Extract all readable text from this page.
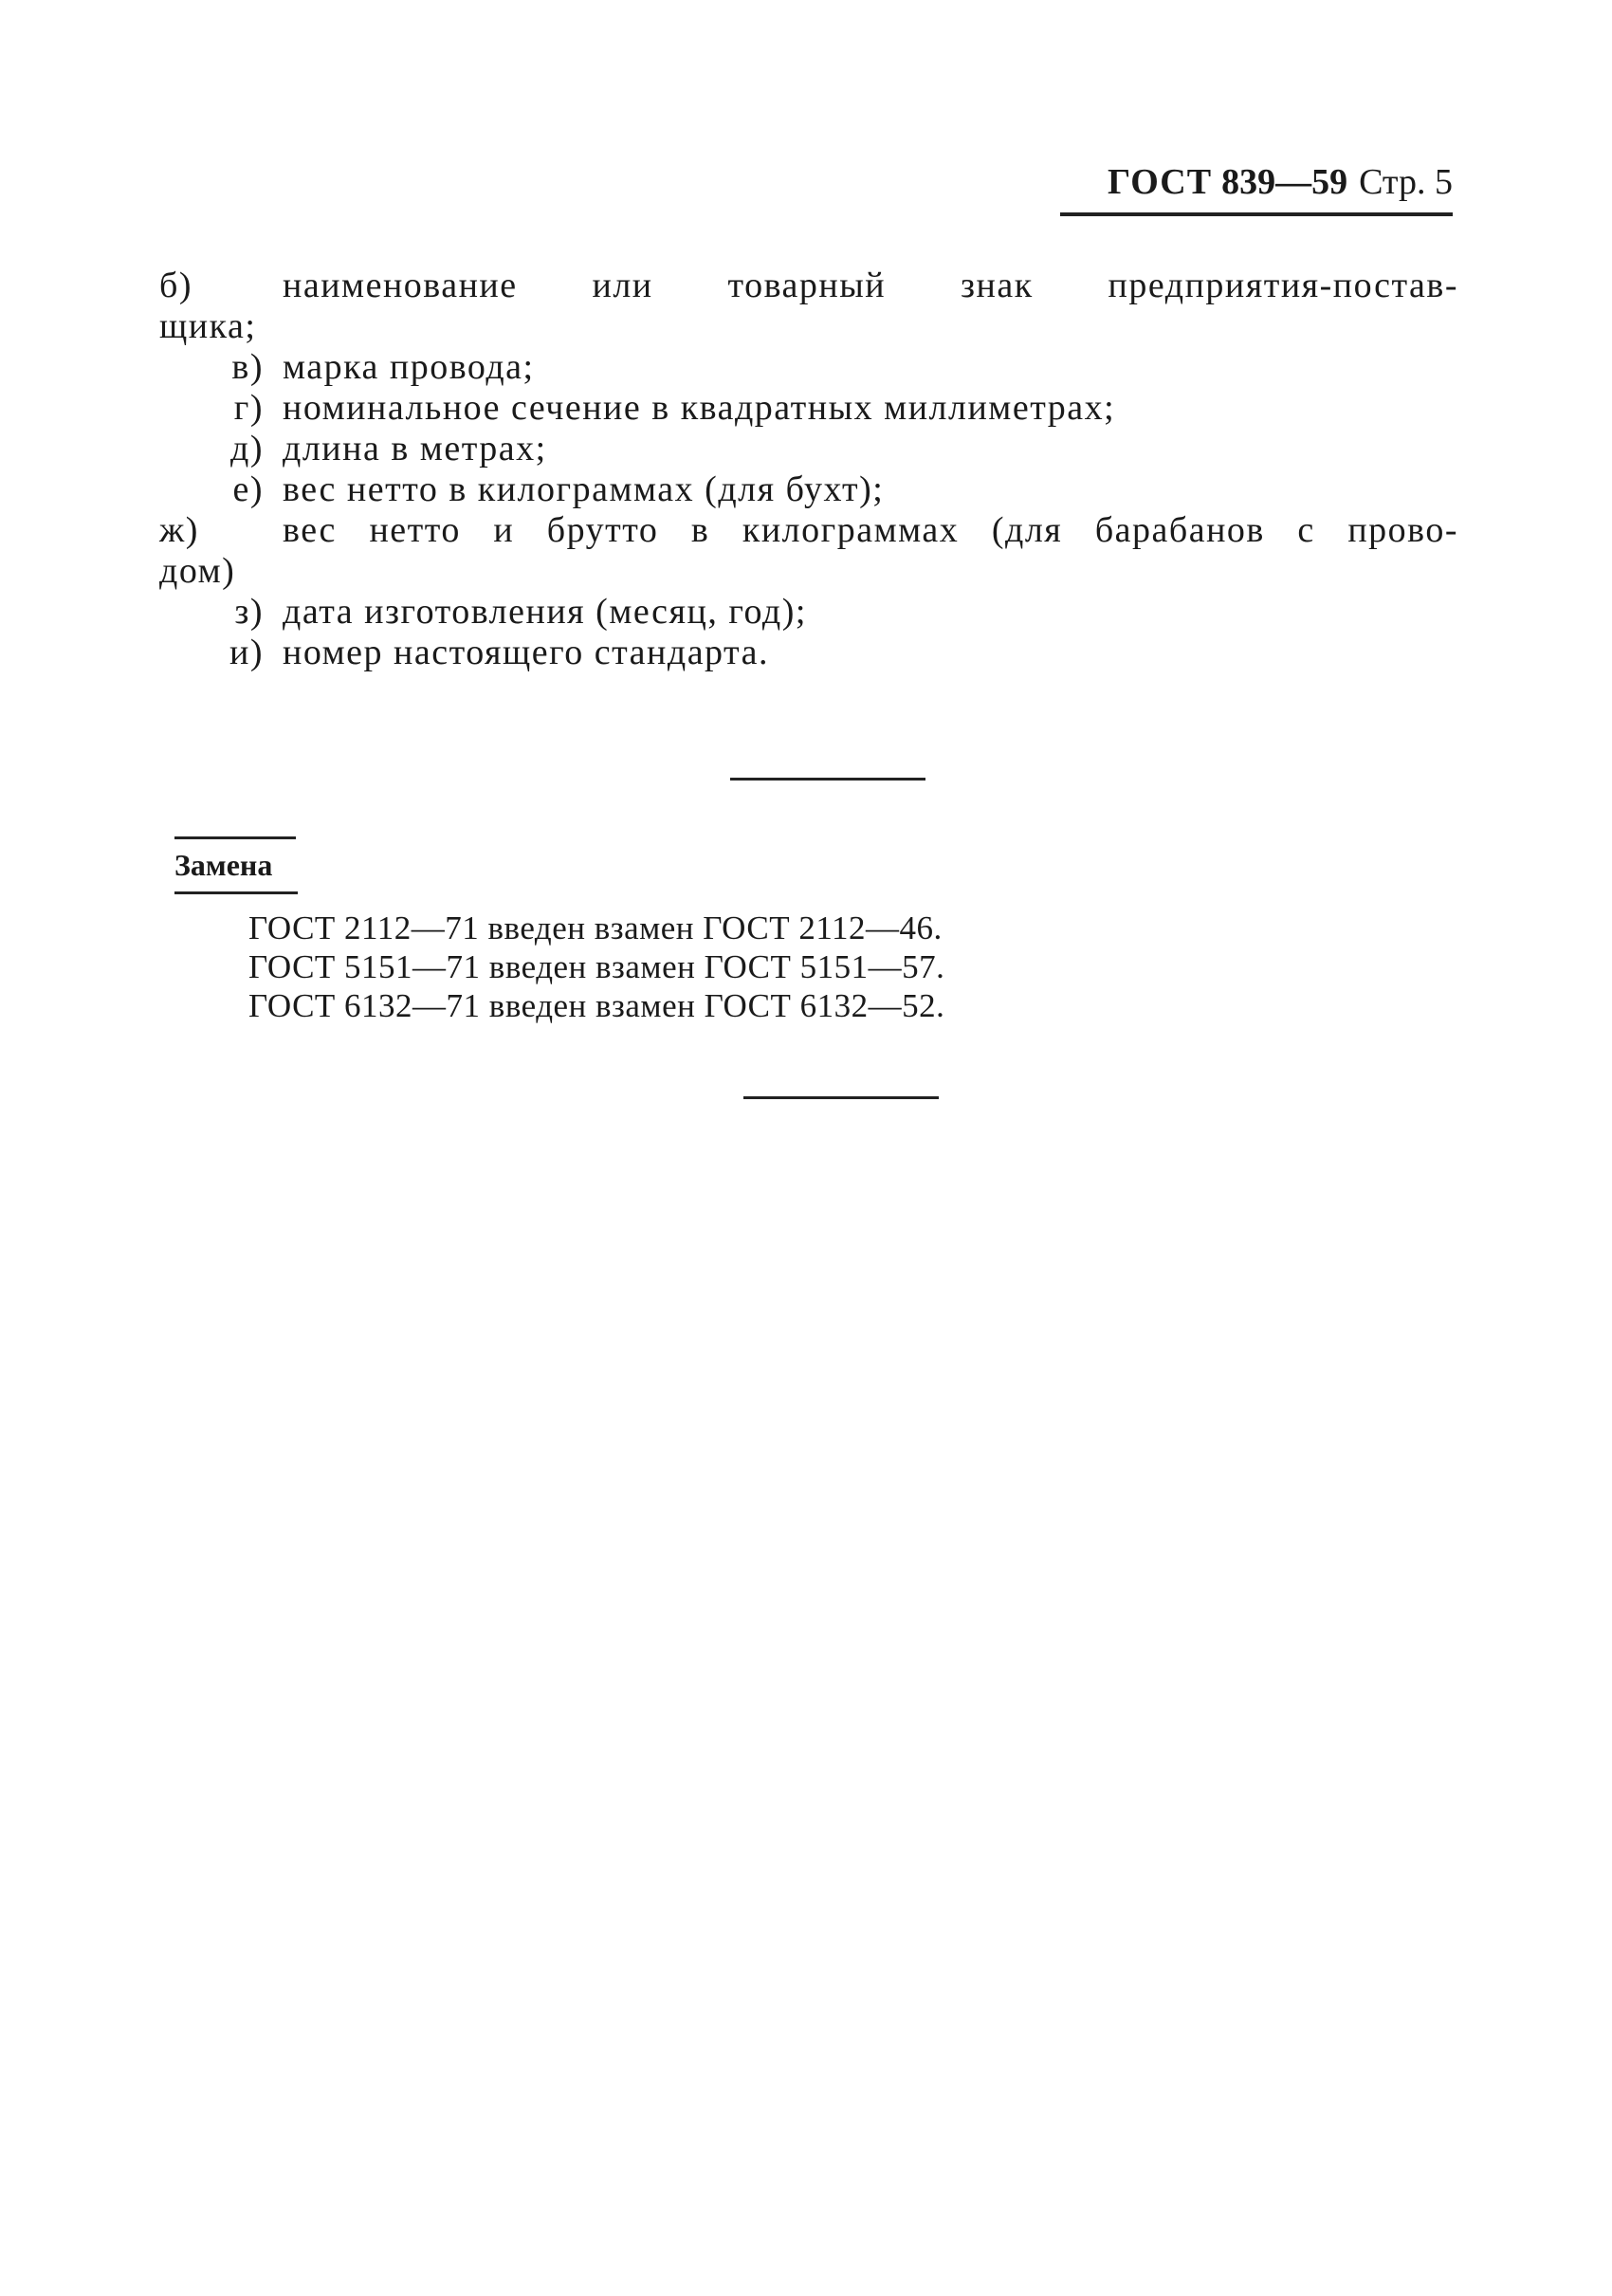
ГОСТ 839—59 Стр. 5
б)	наименование или товарный знак предприятия-постав-
щика;
в) марка провода;
г) номинальное сечение в квадратных миллиметрах;
д) длина в метрах;
е) вес нетто в килограммах (для бухт);
ж)	вес нетто и брутто в килограммах (для барабанов с прово-
дом)
з) дата изготовления (месяц, год);
и) номер настоящего стандарта.
Замена
ГОСТ 2112—71 введен взамен ГОСТ 2112—46.
ГОСТ 5151—71 введен взамен ГОСТ 5151—57.
ГОСТ 6132—71 введен взамен ГОСТ 6132—52.
